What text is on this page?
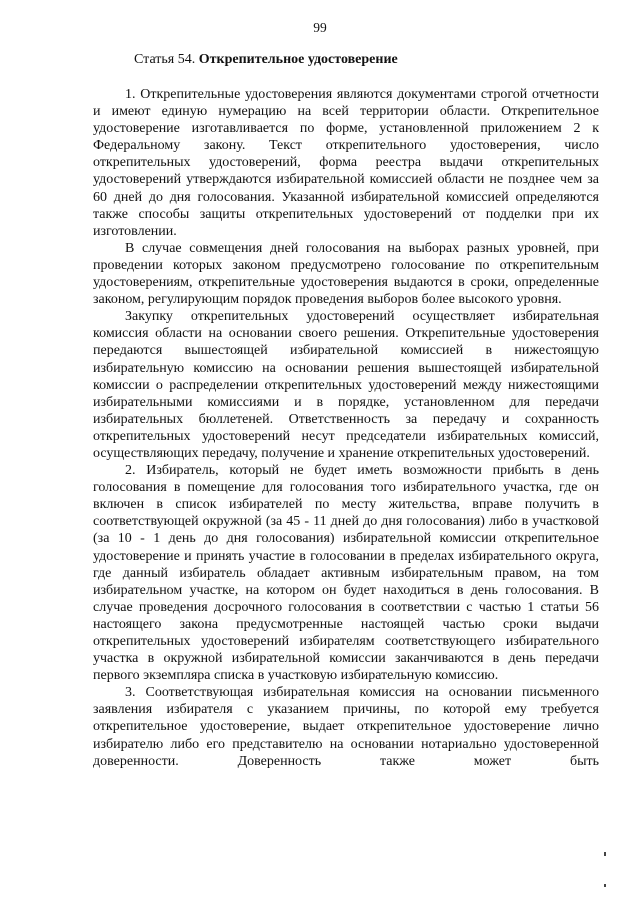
99
Статья 54. Открепительное удостоверение

1. Открепительные удостоверения являются документами строгой отчетности и имеют единую нумерацию на всей территории области. Открепительное удостоверение изготавливается по форме, установленной приложением 2 к Федеральному закону. Текст открепительного удостоверения, число открепительных удостоверений, форма реестра выдачи открепительных удостоверений утверждаются избирательной комиссией области не позднее чем за 60 дней до дня голосования. Указанной избирательной комиссией определяются также способы защиты открепительных удостоверений от подделки при их изготовлении.

В случае совмещения дней голосования на выборах разных уровней, при проведении которых законом предусмотрено голосование по открепительным удостоверениям, открепительные удостоверения выдаются в сроки, определенные законом, регулирующим порядок проведения выборов более высокого уровня.

Закупку открепительных удостоверений осуществляет избирательная комиссия области на основании своего решения. Открепительные удостоверения передаются вышестоящей избирательной комиссией в нижестоящую избирательную комиссию на основании решения вышестоящей избирательной комиссии о распределении открепительных удостоверений между нижестоящими избирательными комиссиями и в порядке, установленном для передачи избирательных бюллетеней. Ответственность за передачу и сохранность открепительных удостоверений несут председатели избирательных комиссий, осуществляющих передачу, получение и хранение открепительных удостоверений.

2. Избиратель, который не будет иметь возможности прибыть в день голосования в помещение для голосования того избирательного участка, где он включен в список избирателей по месту жительства, вправе получить в соответствующей окружной (за 45 - 11 дней до дня голосования) либо в участковой (за 10 - 1 день до дня голосования) избирательной комиссии открепительное удостоверение и принять участие в голосовании в пределах избирательного округа, где данный избиратель обладает активным избирательным правом, на том избирательном участке, на котором он будет находиться в день голосования. В случае проведения досрочного голосования в соответствии с частью 1 статьи 56 настоящего закона предусмотренные настоящей частью сроки выдачи открепительных удостоверений избирателям соответствующего избирательного участка в окружной избирательной комиссии заканчиваются в день передачи первого экземпляра списка в участковую избирательную комиссию.

3. Соответствующая избирательная комиссия на основании письменного заявления избирателя с указанием причины, по которой ему требуется открепительное удостоверение, выдает открепительное удостоверение лично избирателю либо его представителю на основании нотариально удостоверенной доверенности. Доверенность также может быть
